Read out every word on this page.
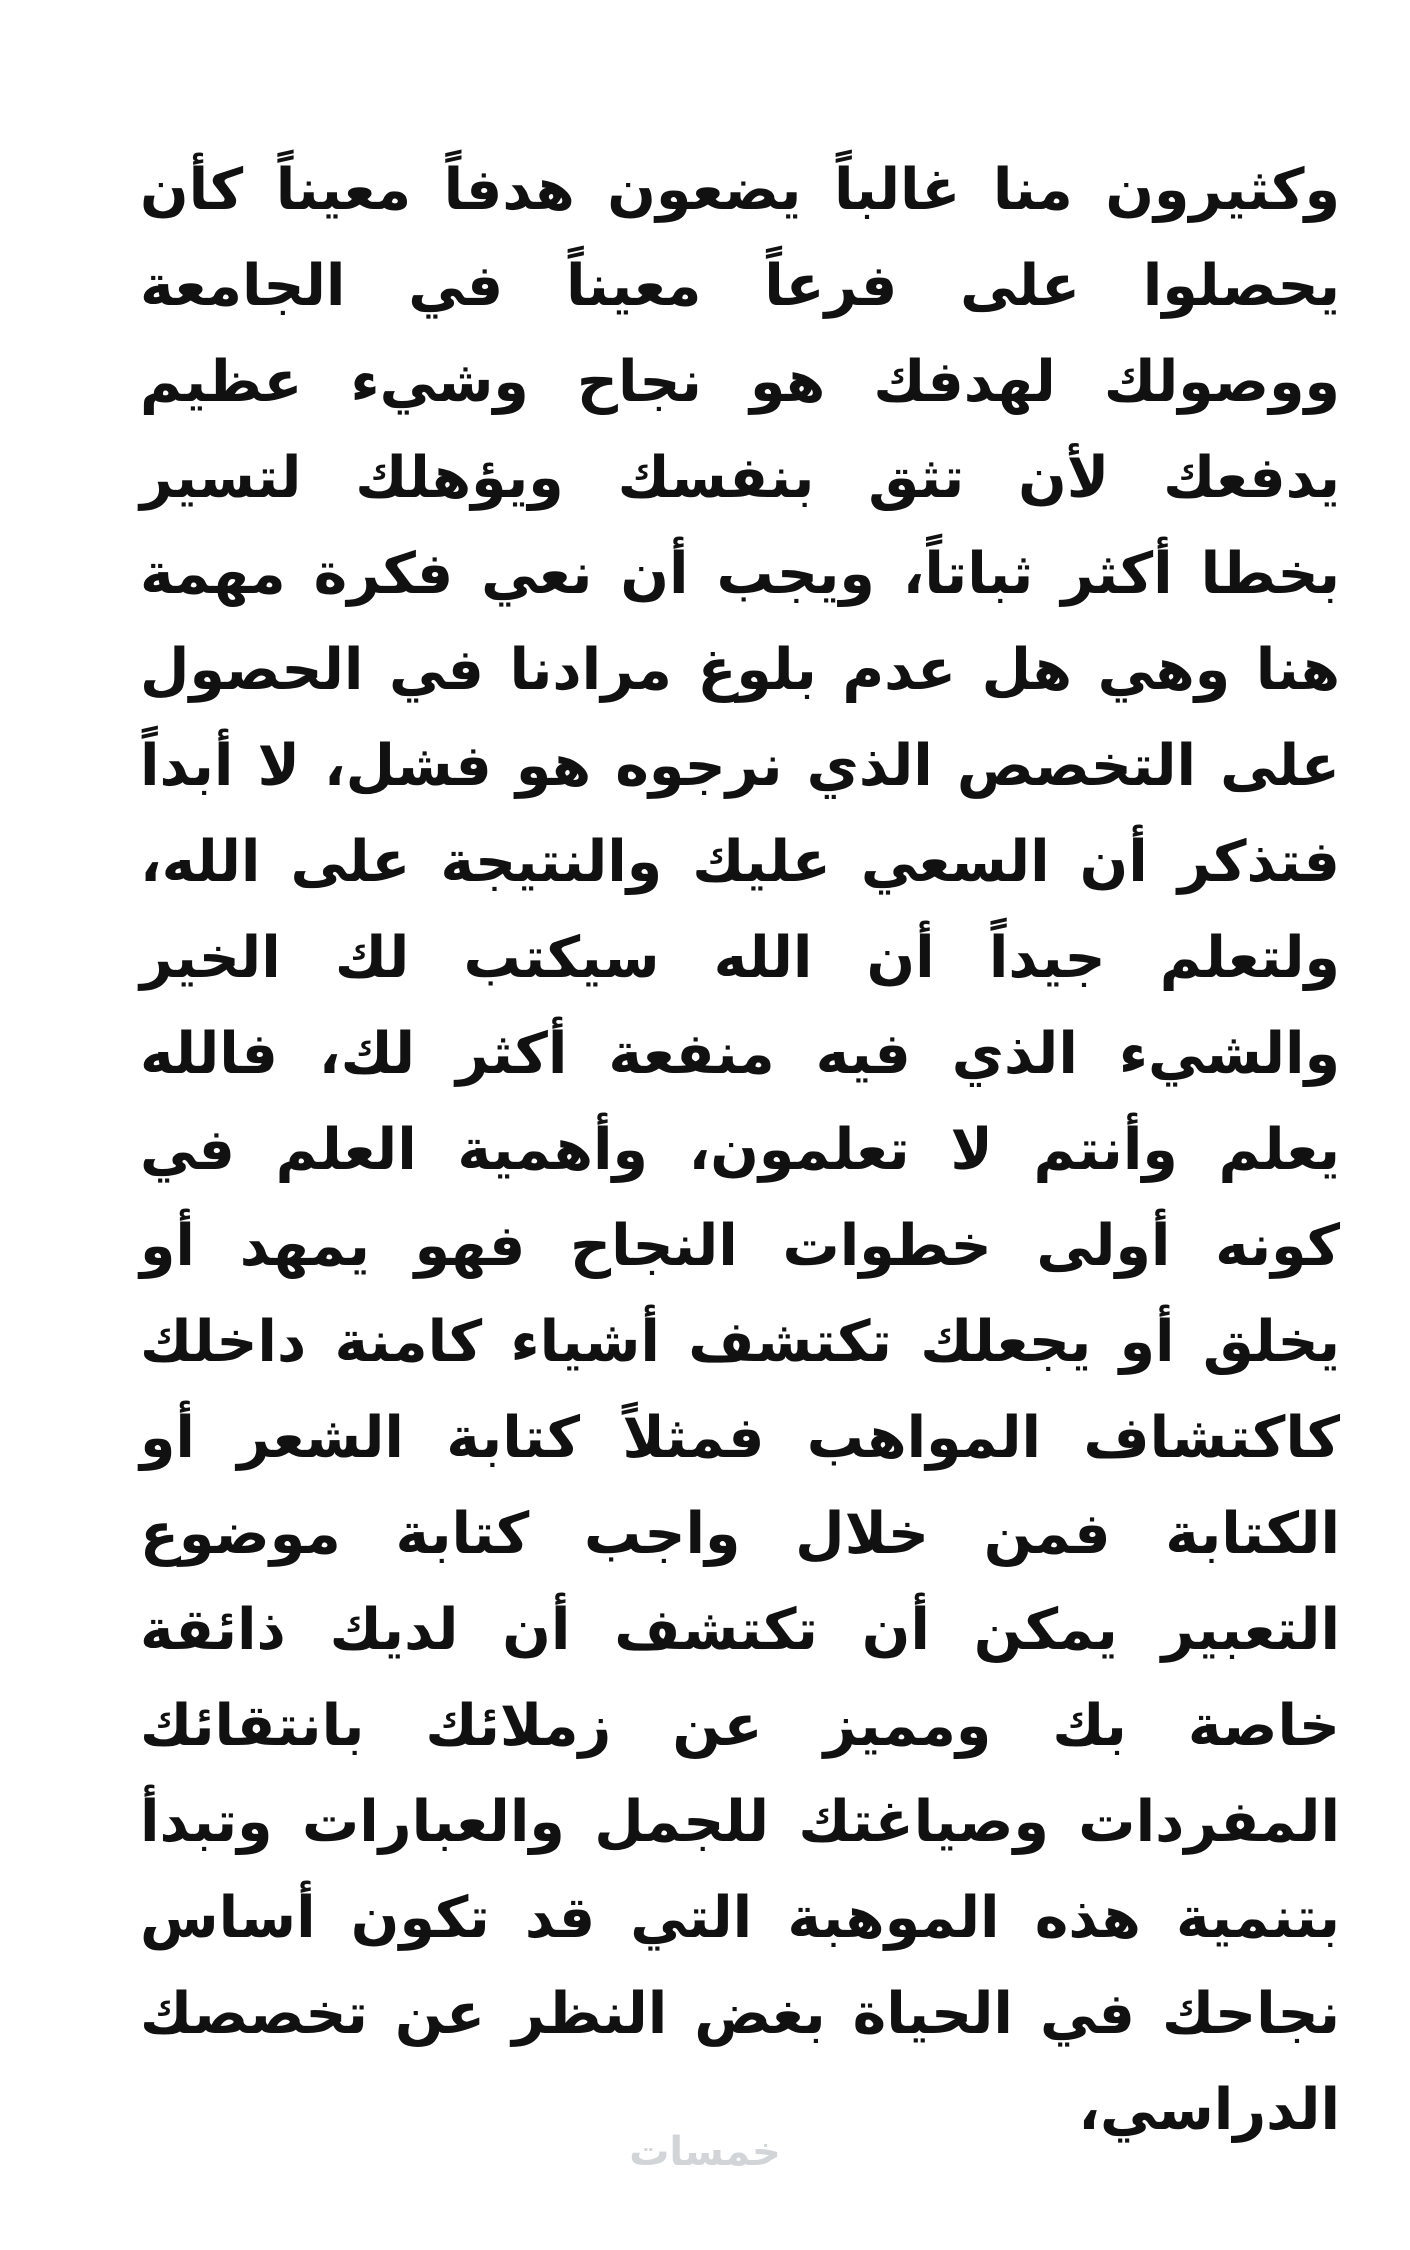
وكثيرون منا غالباً يضعون هدفاً معيناً كأن
يحصلوا على فرعاً معيناً في الجامعة
ووصولك لهدفك هو نجاح وشيء عظيم
يدفعك لأن تثق بنفسك ويؤهلك لتسير
بخطا أكثر ثباتاً، ويجب أن نعي فكرة مهمة
هنا وهي هل عدم بلوغ مرادنا في الحصول
على التخصص الذي نرجوه هو فشل، لا أبداً
فتذكر أن السعي عليك والنتيجة على الله،
ولتعلم جيداً أن الله سيكتب لك الخير
والشيء الذي فيه منفعة أكثر لك، فالله
يعلم وأنتم لا تعلمون، وأهمية العلم في
كونه أولى خطوات النجاح فهو يمهد أو
يخلق أو يجعلك تكتشف أشياء كامنة داخلك
كاكتشاف المواهب فمثلاً كتابة الشعر أو
الكتابة فمن خلال واجب كتابة موضوع
التعبير يمكن أن تكتشف أن لديك ذائقة
خاصة بك ومميز عن زملائك بانتقائك
المفردات وصياغتك للجمل والعبارات وتبدأ
بتنمية هذه الموهبة التي قد تكون أساس
نجاحك في الحياة بغض النظر عن تخصصك
الدراسي،
خمسات
